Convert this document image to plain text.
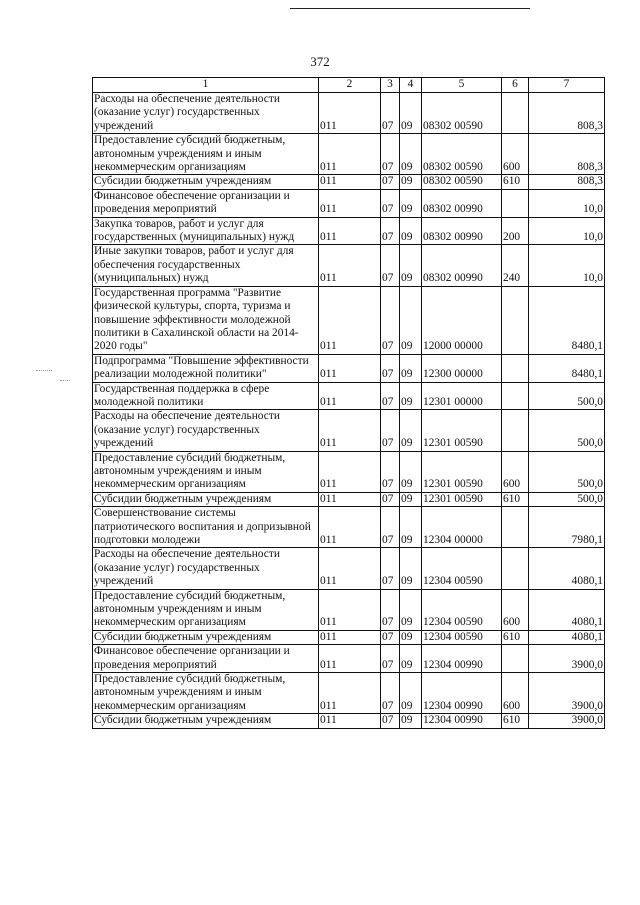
372
1	2	3	4	5	6	7
Расходы на обеспечение деятельности (оказание услуг) государственных учреждений	011	07	09	08302 00590		808,3
Предоставление субсидий бюджетным, автономным учреждениям и иным некоммерческим организациям	011	07	09	08302 00590	600	808,3
Субсидии бюджетным учреждениям	011	07	09	08302 00590	610	808,3
Финансовое обеспечение организации и проведения мероприятий	011	07	09	08302 00990		10,0
Закупка товаров, работ и услуг для государственных (муниципальных) нужд	011	07	09	08302 00990	200	10,0
Иные закупки товаров, работ и услуг для обеспечения государственных (муниципальных) нужд	011	07	09	08302 00990	240	10,0
Государственная программа "Развитие физической культуры, спорта, туризма и повышение эффективности молодежной политики в Сахалинской области на 2014-2020 годы"	011	07	09	12000 00000		8480,1
Подпрограмма "Повышение эффективности реализации молодежной политики"	011	07	09	12300 00000		8480,1
Государственная поддержка в сфере молодежной политики	011	07	09	12301 00000		500,0
Расходы на обеспечение деятельности (оказание услуг) государственных учреждений	011	07	09	12301 00590		500,0
Предоставление субсидий бюджетным, автономным учреждениям и иным некоммерческим организациям	011	07	09	12301 00590	600	500,0
Субсидии бюджетным учреждениям	011	07	09	12301 00590	610	500,0
Совершенствование системы патриотического воспитания и допризывной подготовки молодежи	011	07	09	12304 00000		7980,1
Расходы на обеспечение деятельности (оказание услуг) государственных учреждений	011	07	09	12304 00590		4080,1
Предоставление субсидий бюджетным, автономным учреждениям и иным некоммерческим организациям	011	07	09	12304 00590	600	4080,1
Субсидии бюджетным учреждениям	011	07	09	12304 00590	610	4080,1
Финансовое обеспечение организации и проведения мероприятий	011	07	09	12304 00990		3900,0
Предоставление субсидий бюджетным, автономным учреждениям и иным некоммерческим организациям	011	07	09	12304 00990	600	3900,0
Субсидии бюджетным учреждениям	011	07	09	12304 00990	610	3900,0
